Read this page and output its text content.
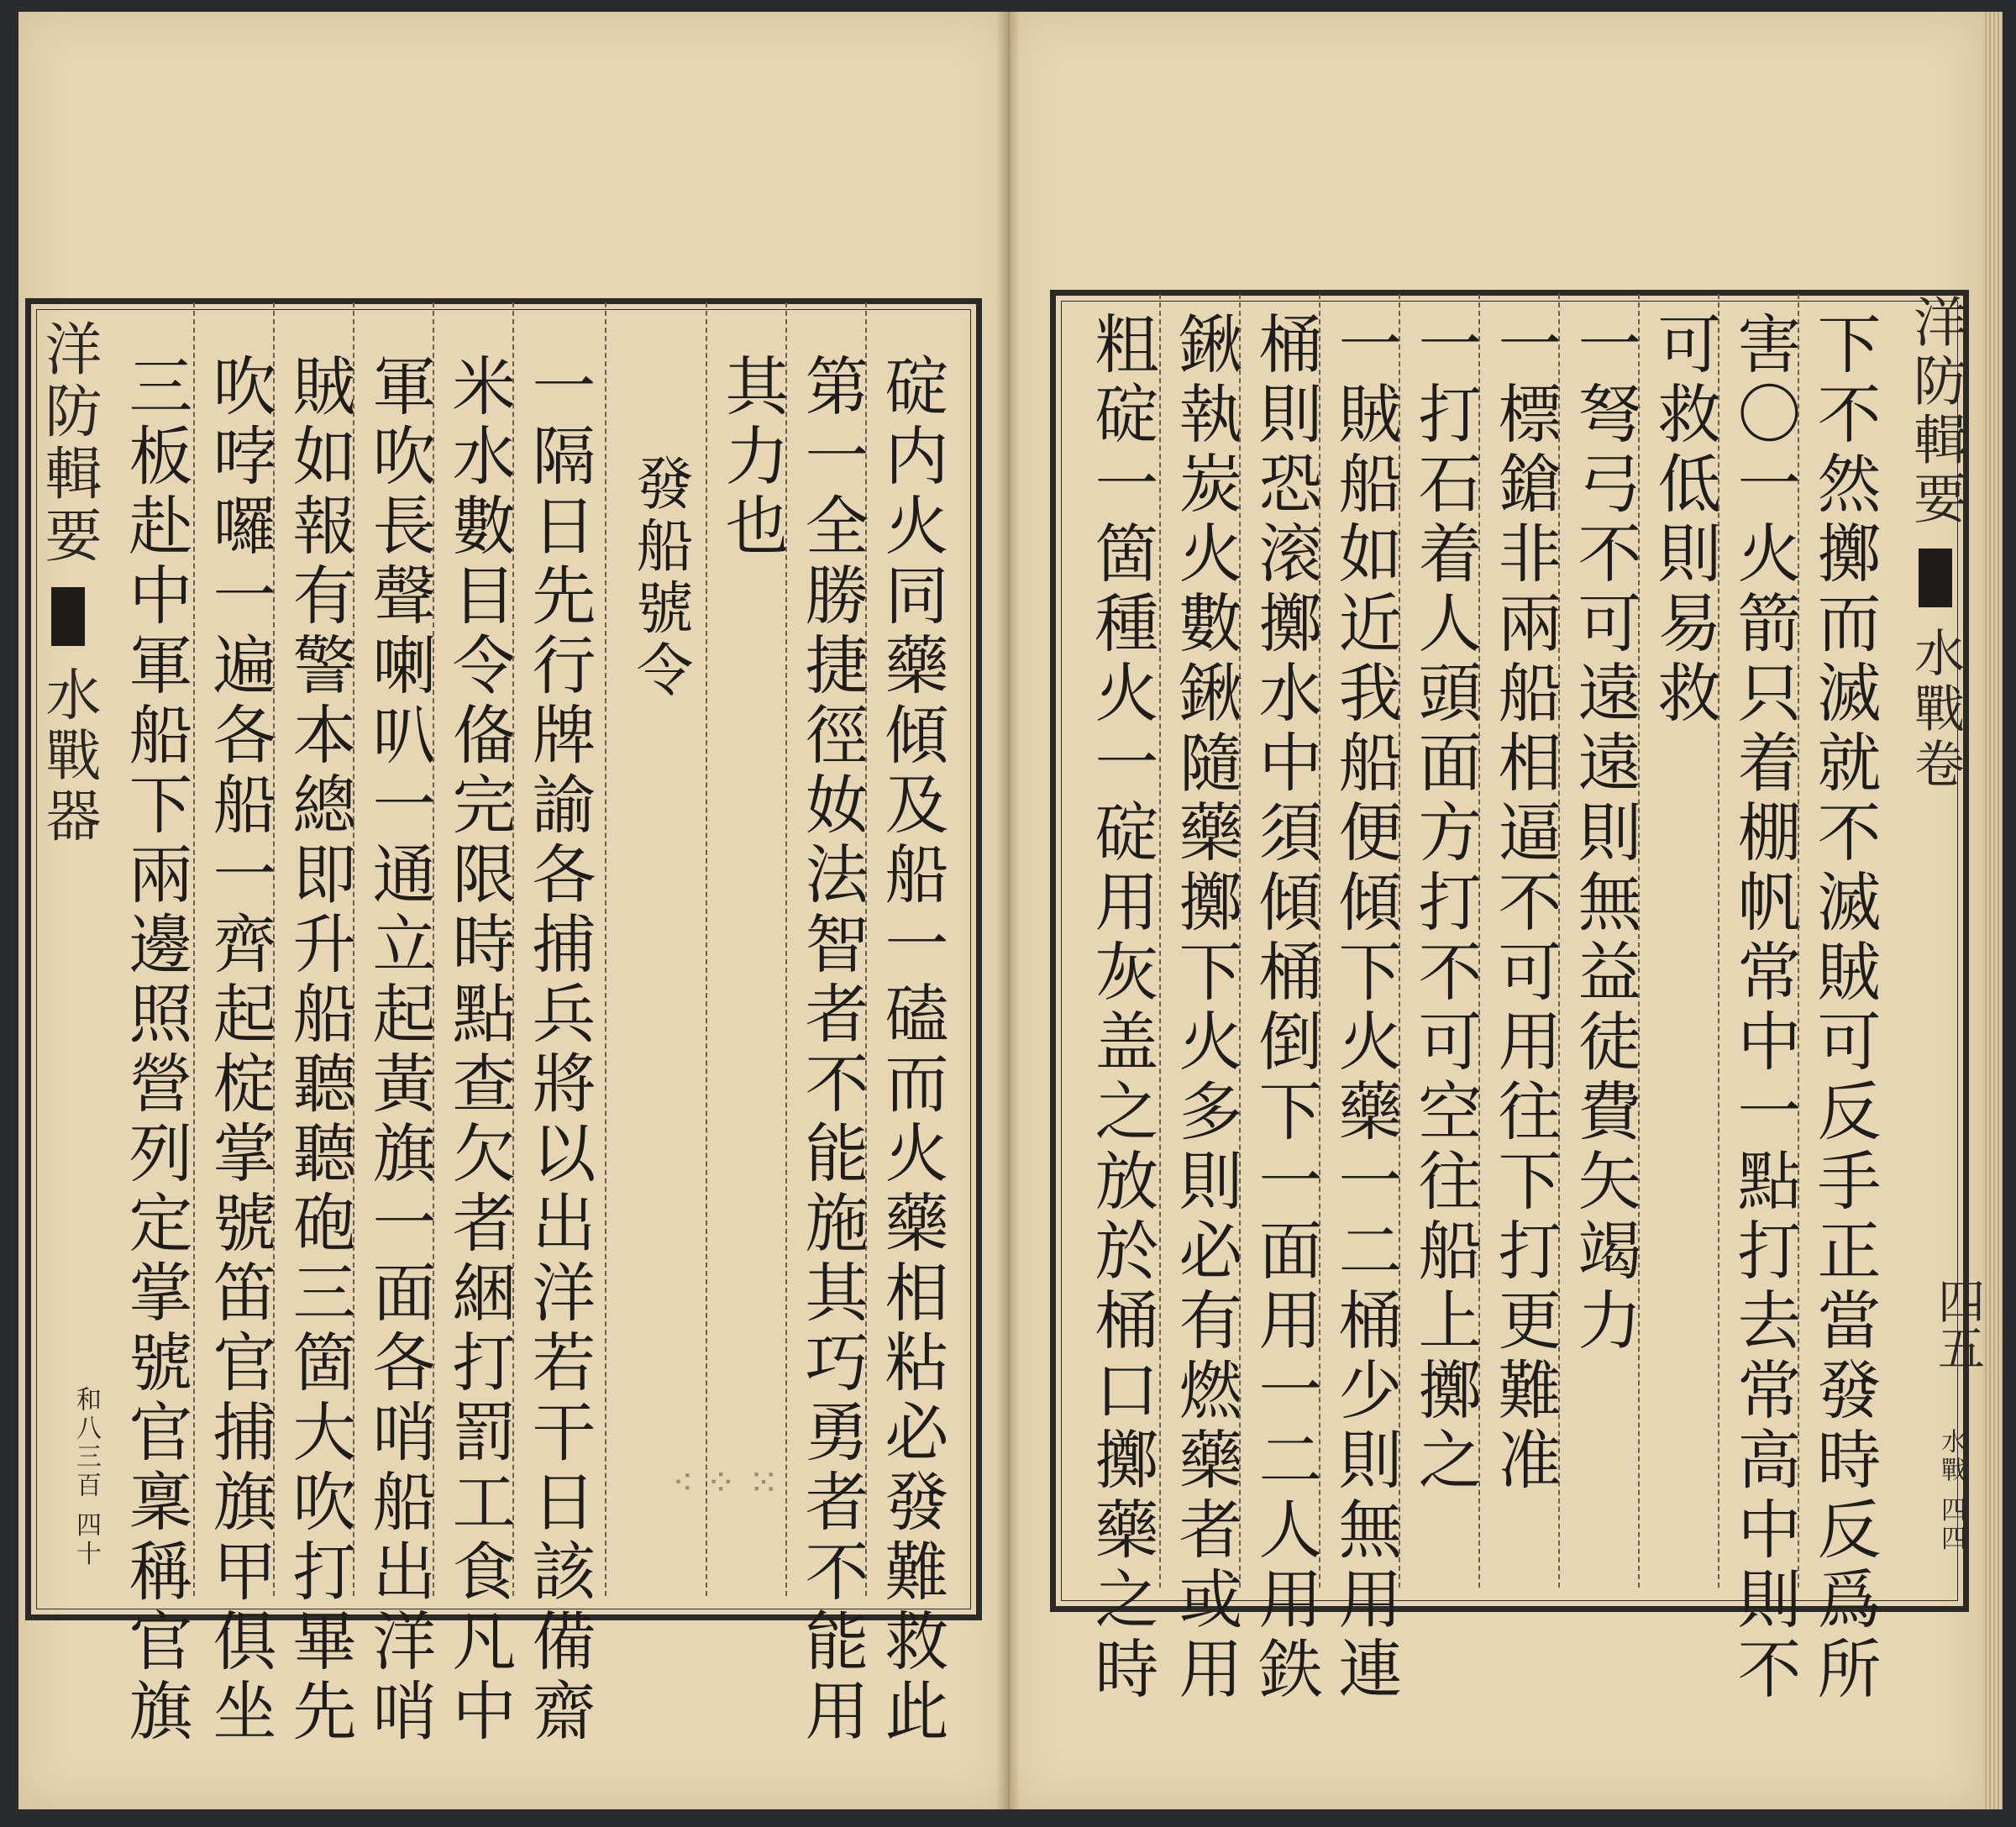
洋防輯要  水戰器
和八三百 四十	碇内火同藥傾及船一磕而火藥相粘必發難救此
第一全勝捷徑奻法智者不能施其巧勇者不能用
其力也
發船號令
一隔日先行牌諭各捕兵將以出洋若干日該備齋
米水數目令俻完限時點查欠者綑打罰工食凡中
軍吹長聲喇叭一通立起黃旗一面各哨船出洋哨
賊如報有警本總即升船聽聽砲三箇大吹打畢先
吹哱囉一遍各船一齊起椗掌號笛官捕旗甲俱坐
三板赴中軍船下兩邊照營列定掌號官稟稱官旗	⁖ ⁘ ⁙
洋防輯要  水戰卷
四五
水戰 四四
下不然擲而滅就不滅賊可反手正當發時反爲所
害〇一火箭只着棚帆常中一點打去常高中則不
可救低則易救
一弩弓不可遠遠則無益徒費矢竭力
一標鎗非兩船相逼不可用往下打更難准
一打石着人頭面方打不可空往船上擲之
一賊船如近我船便傾下火藥一二桶少則無用連
桶則恐滚擲水中須傾桶倒下一面用一二人用鉄
鍬執炭火數鍬隨藥擲下火多則必有燃藥者或用
粗碇一箇種火一碇用灰盖之放於桶口擲藥之時
